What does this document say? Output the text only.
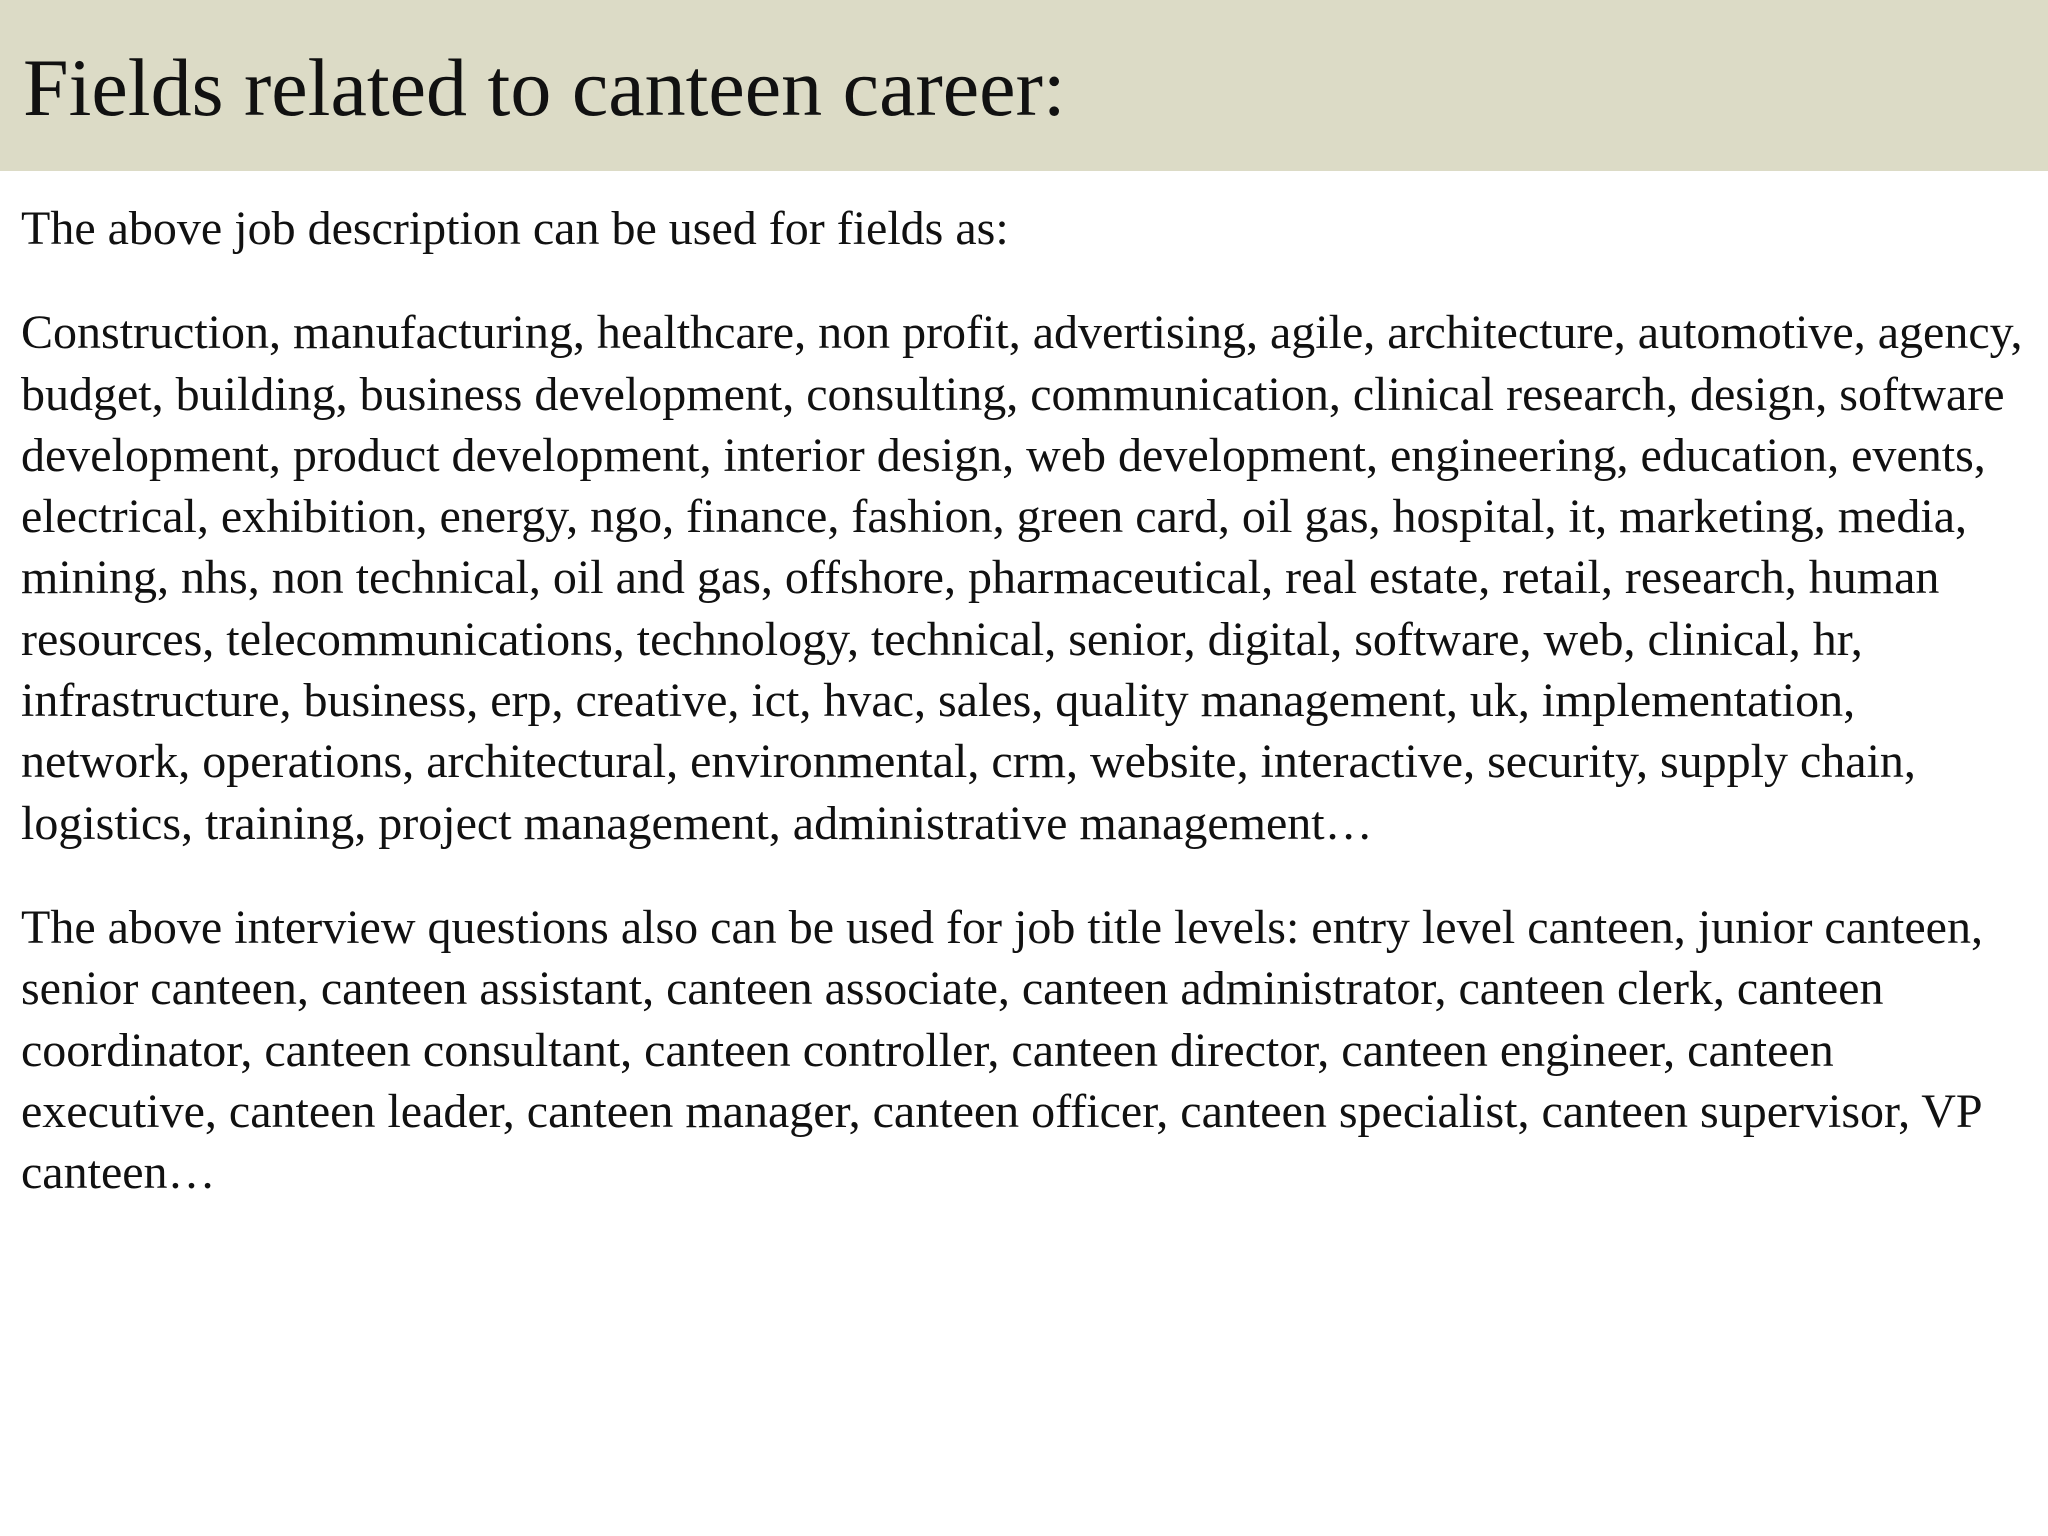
Fields related to canteen career:

The above job description can be used for fields as:

Construction, manufacturing, healthcare, non profit, advertising, agile, architecture, automotive, agency, budget, building, business development, consulting, communication, clinical research, design, software development, product development, interior design, web development, engineering, education, events, electrical, exhibition, energy, ngo, finance, fashion, green card, oil gas, hospital, it, marketing, media, mining, nhs, non technical, oil and gas, offshore, pharmaceutical, real estate, retail, research, human resources, telecommunications, technology, technical, senior, digital, software, web, clinical, hr, infrastructure, business, erp, creative, ict, hvac, sales, quality management, uk, implementation, network, operations, architectural, environmental, crm, website, interactive, security, supply chain, logistics, training, project management, administrative management…

The above interview questions also can be used for job title levels: entry level canteen, junior canteen, senior canteen, canteen assistant, canteen associate, canteen administrator, canteen clerk, canteen coordinator, canteen consultant, canteen controller, canteen director, canteen engineer, canteen executive, canteen leader, canteen manager, canteen officer, canteen specialist, canteen supervisor, VP canteen…
